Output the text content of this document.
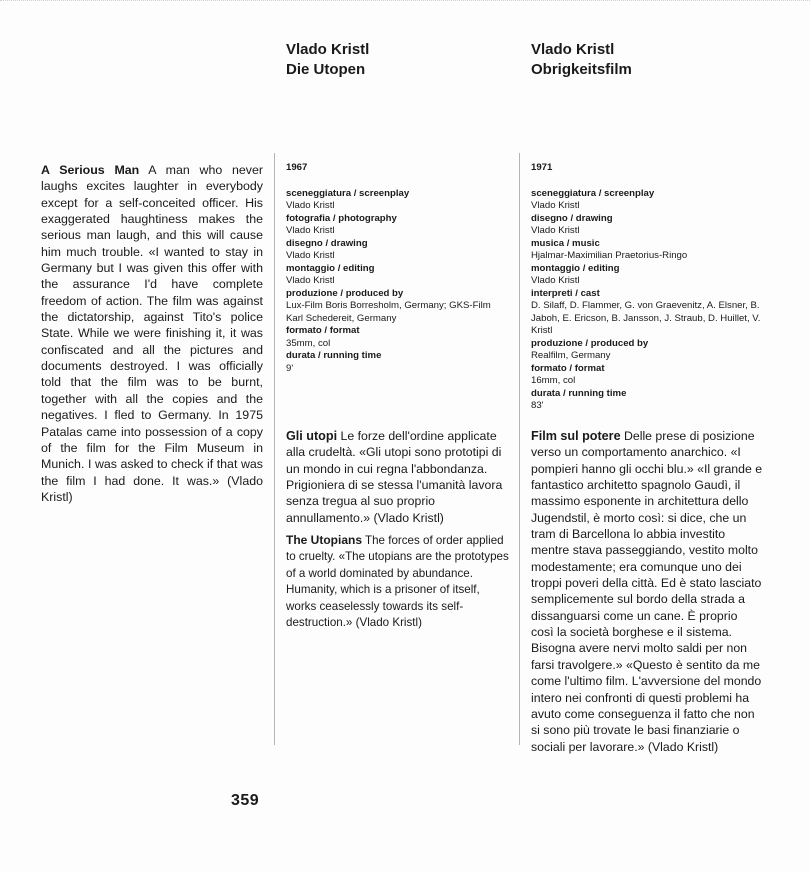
Vlado Kristl

Die Utopen

Vlado Kristl

Obrigkeitsfilm

A Serious Man A man who never laughs excites laughter in everybody except for a self-conceited officer. His exaggerated haughtiness makes the serious man laugh, and this will cause him much trouble. «I wanted to stay in Germany but I was given this offer with the assurance I'd have complete freedom of action. The film was against the dictatorship, against Tito's police State. While we were finishing it, it was confiscated and all the pictures and documents destroyed. I was officially told that the film was to be burnt, together with all the copies and the negatives. I fled to Germany. In 1975 Patalas came into possession of a copy of the film for the Film Museum in Munich. I was asked to check if that was the film I had done. It was.» (Vlado Kristl)

1967

sceneggiatura / screenplay
Vlado Kristl

fotografia / photography
Vlado Kristl

disegno / drawing
Vlado Kristl

montaggio / editing
Vlado Kristl

produzione / produced by
Lux-Film Boris Borresholm, Germany; GKS-Film Karl Schedereit, Germany

formato / format
35mm, col

durata / running time
9'

Gli utopi Le forze dell'ordine applicate alla crudeltà. «Gli utopi sono prototipi di un mondo in cui regna l'abbondanza. Prigioniera di se stessa l'umanità lavora senza tregua al suo proprio annullamento.» (Vlado Kristl)

The Utopians The forces of order applied to cruelty. «The utopians are the prototypes of a world dominated by abundance. Humanity, which is a prisoner of itself, works ceaselessly towards its self-destruction.» (Vlado Kristl)

1971

sceneggiatura / screenplay
Vlado Kristl

disegno / drawing
Vlado Kristl

musica / music
Hjalmar-Maximilian Praetorius-Ringo

montaggio / editing
Vlado Kristl

interpreti / cast
D. Silaff, D. Flammer, G. von Graevenitz, A. Elsner, B. Jaboh, E. Ericson, B. Jansson, J. Straub, D. Huillet, V. Kristl

produzione / produced by
Realfilm, Germany

formato / format
16mm, col

durata / running time
83'

Film sul potere Delle prese di posizione verso un comportamento anarchico. «I pompieri hanno gli occhi blu.» «Il grande e fantastico architetto spagnolo Gaudì, il massimo esponente in architettura dello Jugendstil, è morto così: si dice, che un tram di Barcellona lo abbia investito mentre stava passeggiando, vestito molto modestamente; era comunque uno dei troppi poveri della città. Ed è stato lasciato semplicemente sul bordo della strada a dissanguarsi come un cane. È proprio così la società borghese e il sistema. Bisogna avere nervi molto saldi per non farsi travolgere.» «Questo è sentito da me come l'ultimo film. L'avversione del mondo intero nei confronti di questi problemi ha avuto come conseguenza il fatto che non si sono più trovate le basi finanziarie o sociali per lavorare.» (Vlado Kristl)

359
